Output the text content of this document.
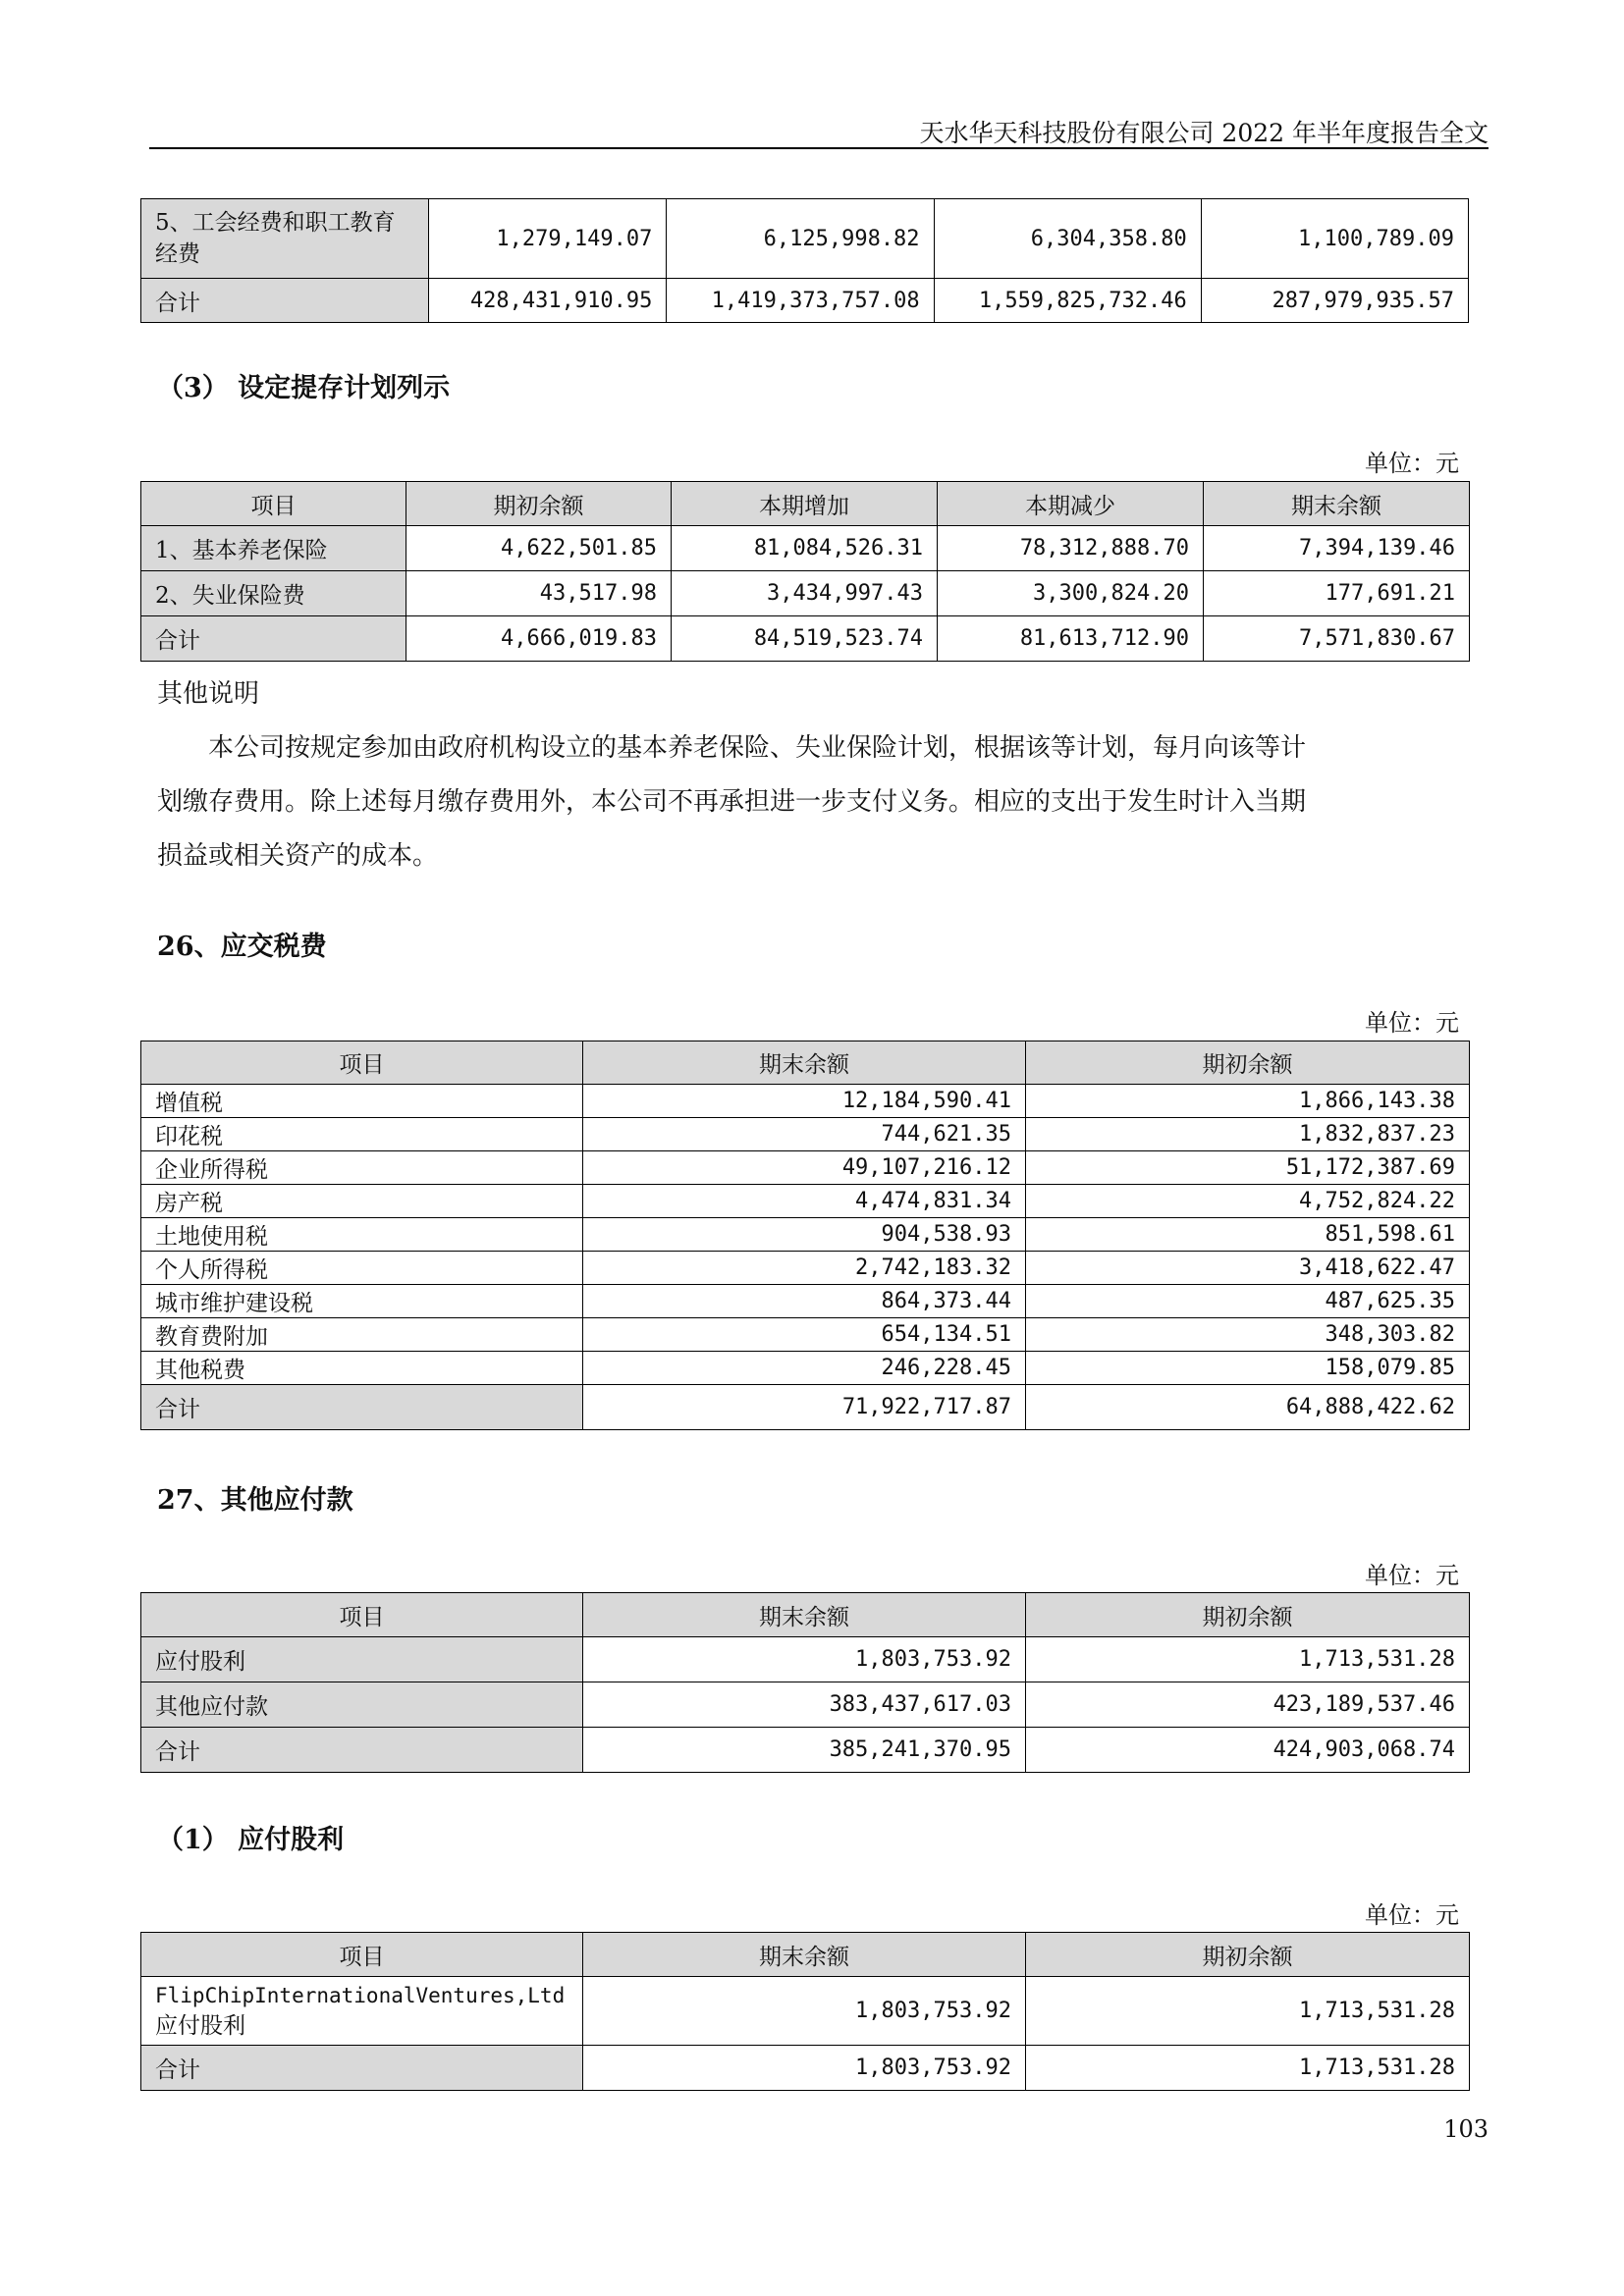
天水华天科技股份有限公司 2022 年半年度报告全文
5、工会经费和职工教育经费	1,279,149.07	6,125,998.82	6,304,358.80	1,100,789.09
合计	428,431,910.95	1,419,373,757.08	1,559,825,732.46	287,979,935.57
（3） 设定提存计划列示
单位：元
项目	期初余额	本期增加	本期减少	期末余额
1、基本养老保险	4,622,501.85	81,084,526.31	78,312,888.70	7,394,139.46
2、失业保险费	43,517.98	3,434,997.43	3,300,824.20	177,691.21
合计	4,666,019.83	84,519,523.74	81,613,712.90	7,571,830.67
其他说明
本公司按规定参加由政府机构设立的基本养老保险、失业保险计划，根据该等计划，每月向该等计
划缴存费用。除上述每月缴存费用外，本公司不再承担进一步支付义务。相应的支出于发生时计入当期
损益或相关资产的成本。
26、应交税费
单位：元
项目	期末余额	期初余额
增值税	12,184,590.41	1,866,143.38
印花税	744,621.35	1,832,837.23
企业所得税	49,107,216.12	51,172,387.69
房产税	4,474,831.34	4,752,824.22
土地使用税	904,538.93	851,598.61
个人所得税	2,742,183.32	3,418,622.47
城市维护建设税	864,373.44	487,625.35
教育费附加	654,134.51	348,303.82
其他税费	246,228.45	158,079.85
合计	71,922,717.87	64,888,422.62
27、其他应付款
单位：元
项目	期末余额	期初余额
应付股利	1,803,753.92	1,713,531.28
其他应付款	383,437,617.03	423,189,537.46
合计	385,241,370.95	424,903,068.74
（1） 应付股利
单位：元
项目	期末余额	期初余额

FlipChipInternationalVentures,Ltd
应付股利	1,803,753.92	1,713,531.28
合计	1,803,753.92	1,713,531.28
103
